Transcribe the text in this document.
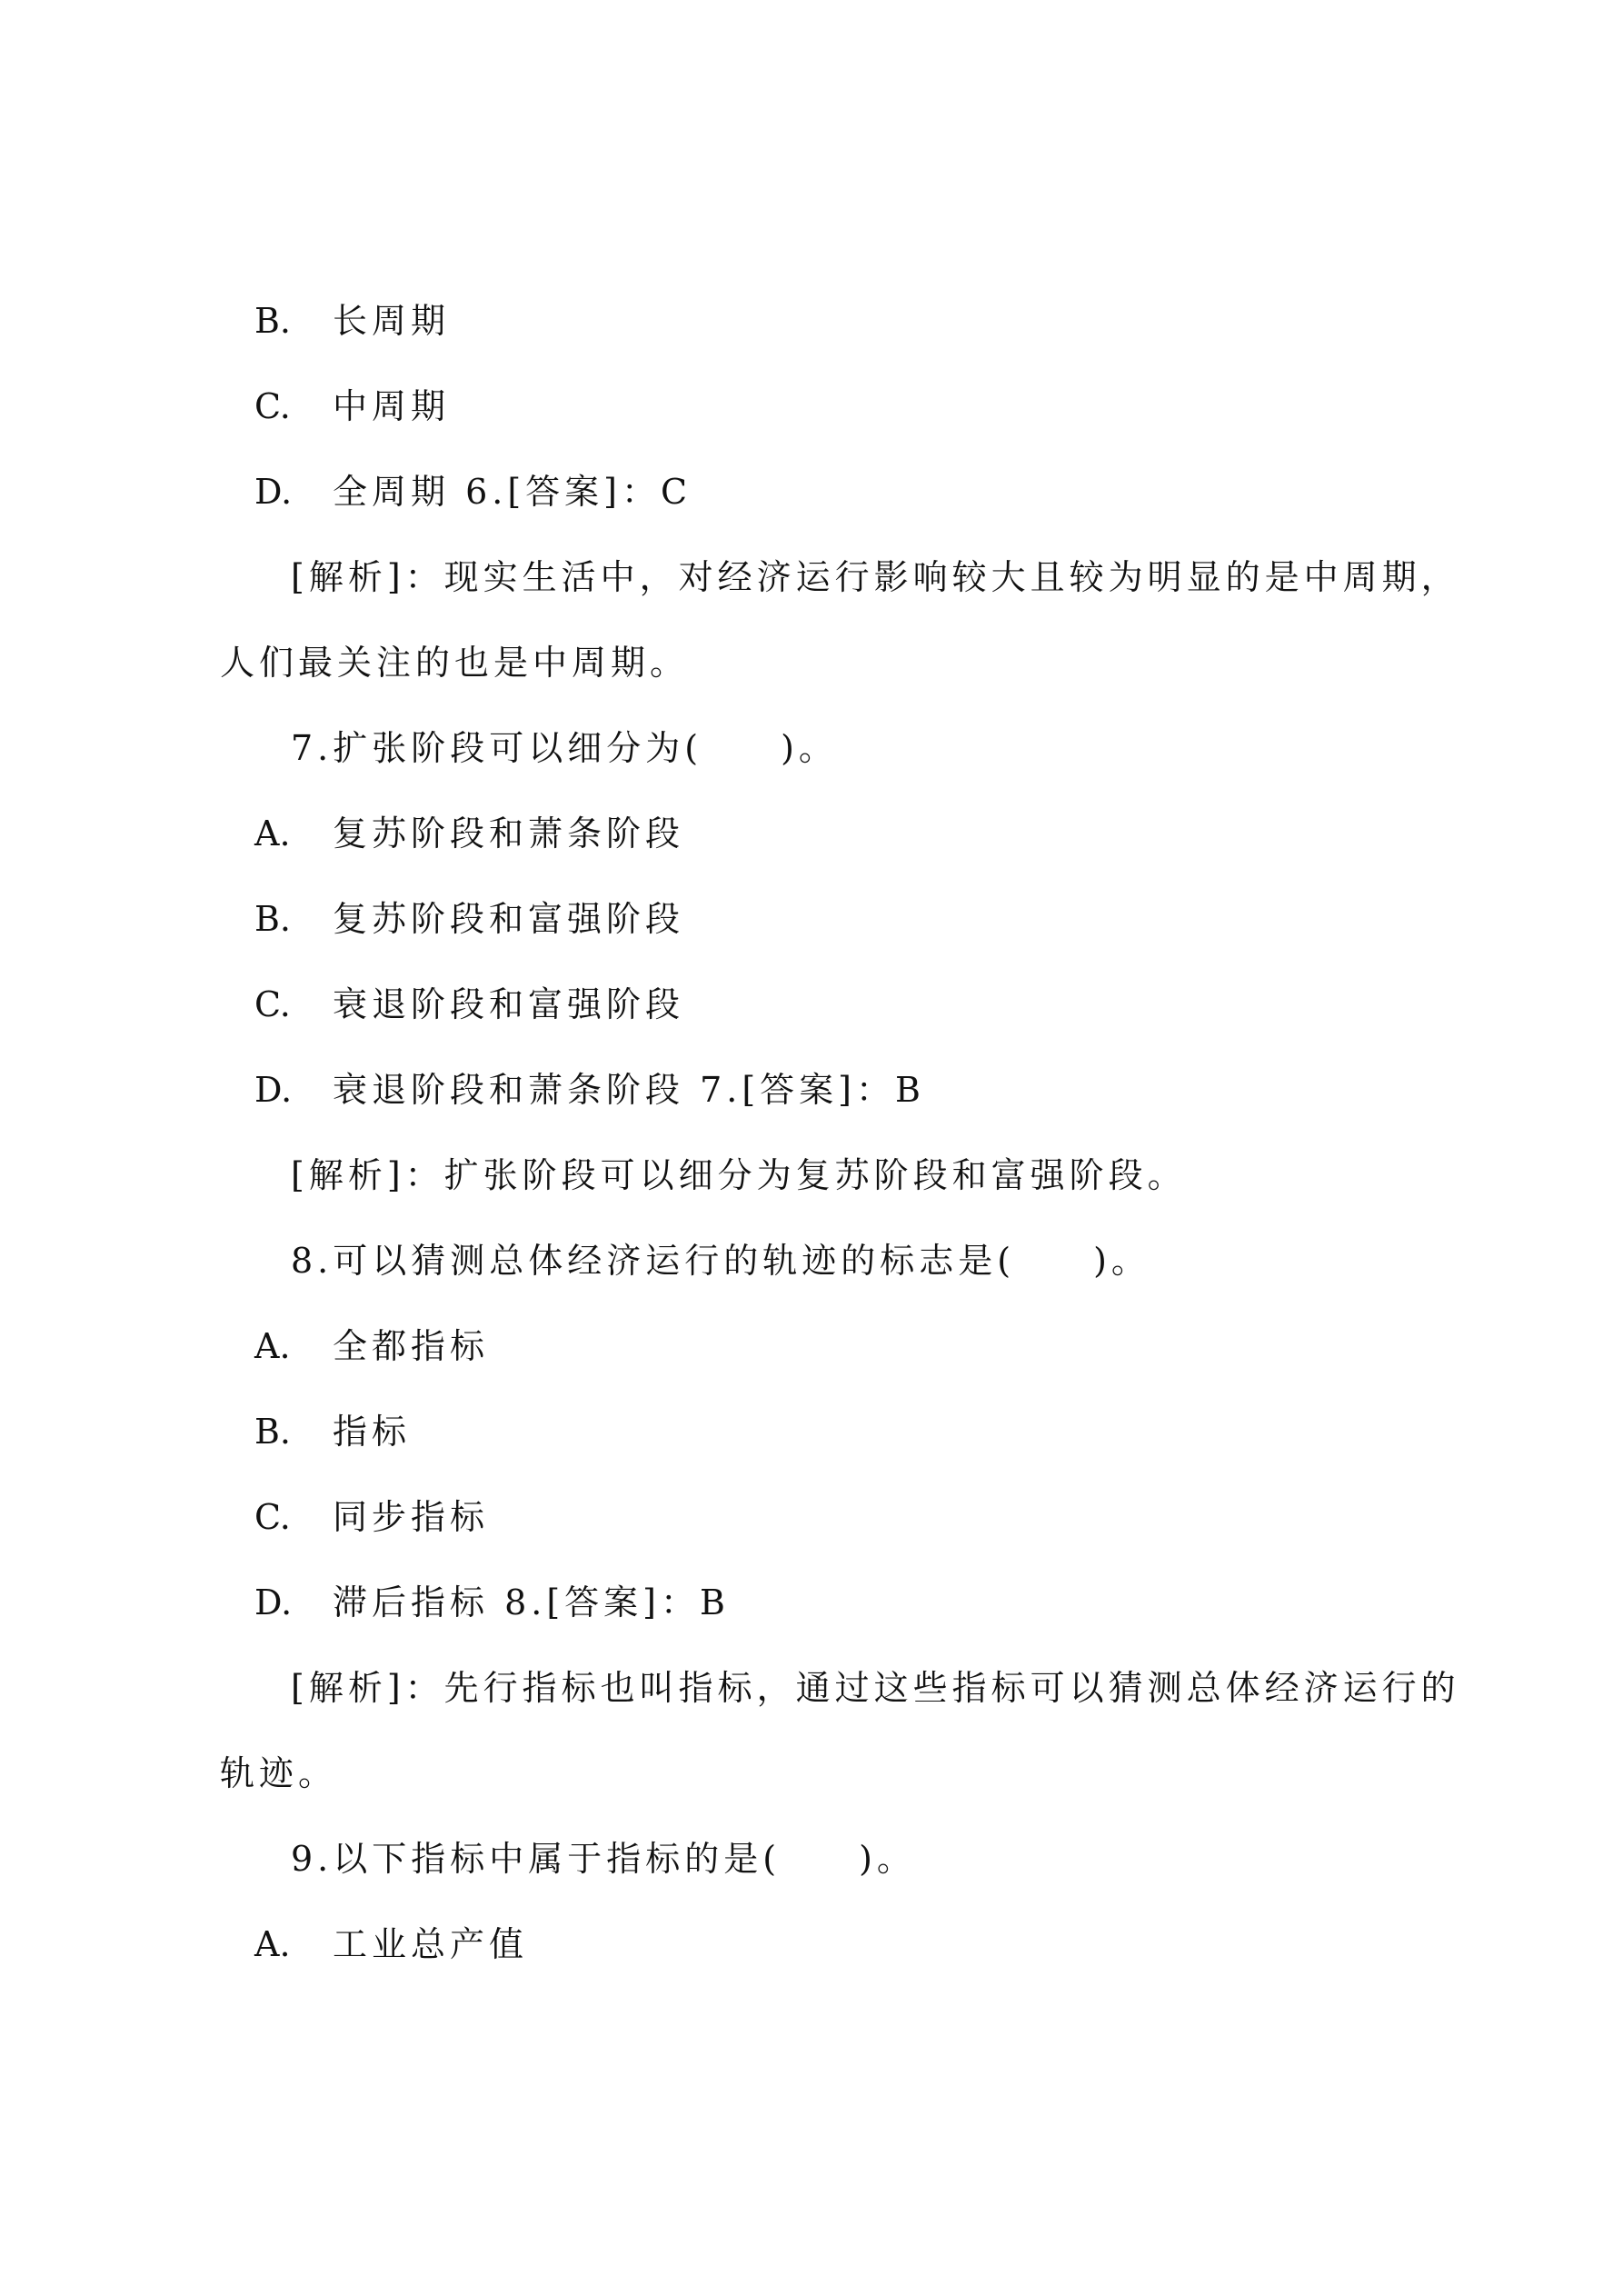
B. 长周期
C. 中周期
D. 全周期 6.[答案]：C
[解析]：现实生活中，对经济运行影响较大且较为明显的是中周期，
人们最关注的也是中周期。
7.扩张阶段可以细分为(　　)。
A. 复苏阶段和萧条阶段
B. 复苏阶段和富强阶段
C. 衰退阶段和富强阶段
D. 衰退阶段和萧条阶段 7.[答案]：B
[解析]：扩张阶段可以细分为复苏阶段和富强阶段。
8.可以猜测总体经济运行的轨迹的标志是(　　)。
A. 全都指标
B. 指标
C. 同步指标
D. 滞后指标 8.[答案]：B
[解析]：先行指标也叫指标，通过这些指标可以猜测总体经济运行的
轨迹。
9.以下指标中属于指标的是(　　)。
A. 工业总产值
